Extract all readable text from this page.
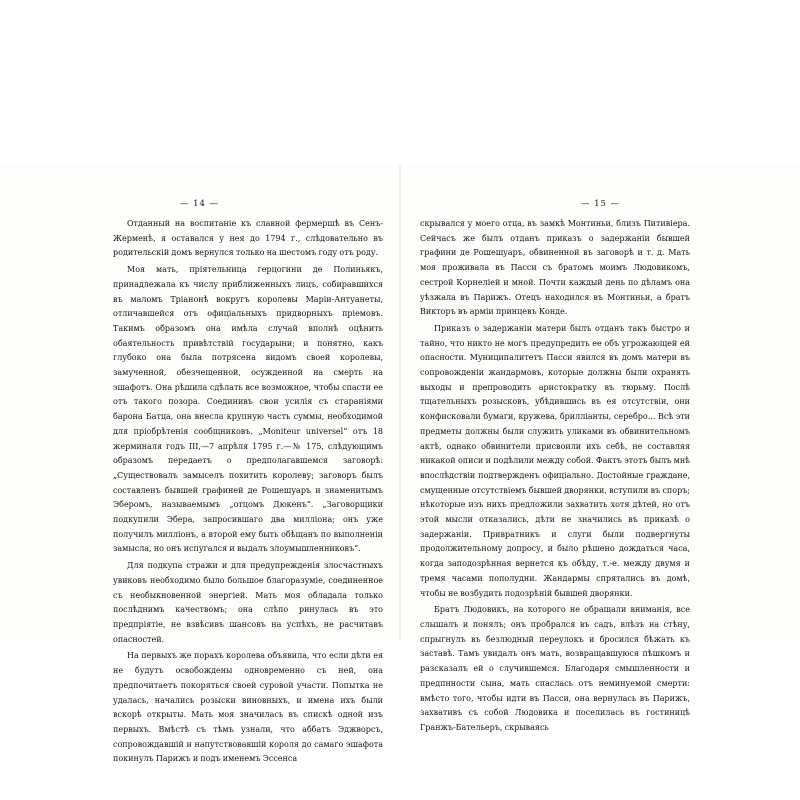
— 14 —

Отданный на воспитаніе къ славной фермершѣ въ Сенъ-Жерменѣ, я оставался у нея до 1794 г., слѣдовательно въ родительскій домъ вернулся только на шестомъ году отъ роду.

Моя мать, пріятельница герцогини де Полиньякъ, принадлежала къ числу приближенныхъ лицъ, собиравшихся въ маломъ Тріанонѣ вокругъ королевы Маріи-Антуанеты, отличавшейся отъ офиціальныхъ придворныхъ пріемовъ. Такимъ образомъ она имѣла случай вполнѣ оцѣнить обаятельность привѣтствій государыни; и понятно, какъ глубоко она была потрясена видомъ своей королевы, замученной, обезчещенной, осужденной на смерть на эшафотъ. Она рѣшила сдѣлать все возможное, чтобы спасти ее отъ такого позора. Соединивъ свои усилія съ стараніями барона Батца, она внесла крупную часть суммы, необходимой для пріобрѣтенія сообщниковъ. „Moniteur universel“ отъ 18 жерминаля годъ III,—7 апрѣля 1795 г.—№ 175, слѣдующимъ образомъ передаетъ о предполагавшемся заговорѣ: „Существовалъ замыселъ похитить королеву; заговоръ былъ составленъ бывшей графиней де Рошешуаръ и знаменитымъ Эберомъ, называемымъ „отцомъ Дюкенъ“. „Заговорщики подкупили Эбера, запросившаго два милліона; онъ уже получилъ милліонъ, а второй ему быть обѣщанъ по выполненіи замысла, но онъ испугался и выдалъ злоумышленниковъ“.

Для подкупа стражи и для предупрежденія злосчастныхъ увиковъ необходимо было большое благоразуміе, соединенное съ необыкновенной энергіей. Мать моя обладала только послѣднимъ качествомъ; она слѣпо ринулась въ это предпріятіе, не взвѣсивъ шансовъ на успѣхъ, не расчитавъ опасностей.

На первыхъ же порахъ королева объявила, что если дѣти ея не будутъ освобождены одновременно съ ней, она предпочитаетъ покоряться своей суровой участи. Попытка не удалась, начались розыски виновныхъ, и имена ихъ были вскорѣ открыты. Мать моя значилась въ спискѣ одной изъ первыхъ. Вмѣстѣ съ тѣмъ узнали, что аббатъ Эджворсъ, сопровождавшій и напутствовавшій короля до самаго эшафота покинулъ Парижъ и подъ именемъ Эссенса

— 15 —

скрывался у моего отца, въ замкѣ Монтиньи, близъ Питивіера. Сейчасъ же былъ отданъ приказъ о задержаніи бывшей графини де Рошешуаръ, обвиненной въ заговорѣ и т. д. Мать моя проживала въ Пасси съ братомъ моимъ Людовикомъ, сестрой Корнеліей и мной. Почти каждый день по дѣламъ она уѣзжала въ Парижъ. Отецъ находился въ Монтиньи, а братъ Викторъ въ арміи принцевъ Конде.

Приказъ о задержаніи матери былъ отданъ такъ быстро и тайно, что никто не могъ предупредить ее объ угрожающей ей опасности. Муниципалитетъ Пасси явился въ домъ матери въ сопровожденіи жандармовъ, которые должны были охранять выходы и препроводить аристократку въ тюрьму. Послѣ тщательныхъ розысковъ, убѣдившись въ ея отсутствіи, они конфисковали бумаги, кружева, брилліанты, серебро... Всѣ эти предметы должны были служить уликами въ обвинительномъ актѣ, однако обвинители присвоили ихъ себѣ, не составляя никакой описи и подѣлили между собой. Фактъ этотъ былъ мнѣ впослѣдствіи подтвержденъ офиціально. Достойные граждане, смущенные отсутствіемъ бывшей дворянки, вступили въ споръ; нѣкоторые изъ нихъ предложили захватить хотя дѣтей, но отъ этой мысли отказались, дѣти не значились въ приказѣ о задержаніи. Привратникъ и слуги были подвергнуты продолжительному допросу, и было рѣшено дождаться часа, когда заподозрѣнная вернется къ обѣду, т.-е. между двумя и тремя часами пополудни. Жандармы спрятались въ домѣ, чтобы не возбудить подозрѣній бывшей дворянки.

Братъ Людовикъ, на которого не обращали вниманія, все слышалъ и понялъ; онъ пробрался въ садъ, влѣзъ на стѣну, спрыгнулъ въ безлюдный переулокъ и бросился бѣжать къ заставѣ. Тамъ увидалъ онъ мать, возвращавшуюся пѣшкомъ и разсказалъ ей о случившемся. Благодаря смышленности и предпнности сына, мать спаслась отъ неминуемой смерти: вмѣсто того, чтобы идти въ Пасси, она вернулась въ Парижъ, захвативъ съ собой Людовика и поселилась въ гостиницѣ Гранжъ-Бательеръ, скрываясь
